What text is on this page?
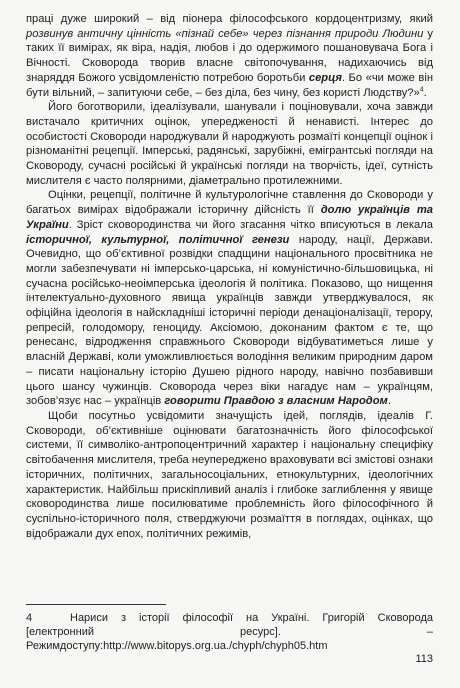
праці дуже широкий – від піонера філософського кордоцентризму, який розвинув античну цінність «пізнай себе» через пізнання природи Людини у таких її вимірах, як віра, надія, любов і до одержимого пошановувача Бога і Вічності. Сковорода творив власне світопочування, надихаючись від знаряддя Божого усвідомленістю потребою боротьби серця. Бо «чи може він бути вільний, – запитуючи себе, – без діла, без чину, без користі Людству?»$^4$.

Його боготворили, ідеалізували, шанували і поціновували, хоча завжди вистачало критичних оцінок, упередженості й ненависті. Інтерес до особистості Сковороди народжували й народжують розмаїті концепції оцінок і різноманітні рецепції. Імперські, радянські, зарубіжні, емігрантські погляди на Сковороду, сучасні російські й українські погляди на творчість, ідеї, сутність мислителя є часто полярними, діаметрально протилежними.

Оцінки, рецепції, політичне й культурологічне ставлення до Сковороди у багатьох вимірах відображали історичну дійсність її долю українців та України. Зріст сковородинства чи його згасання чітко вписуються в лекала історичної, культурної, політичної генези народу, нації, Держави. Очевидно, що об’єктивної розвідки спадщини національного просвітника не могли забезпечувати ні імперсько-царська, ні комуністично-більшовицька, ні сучасна російсько-неоімперська ідеологія й політика. Показово, що нищення інтелектуально-духовного явища українців завжди утверджувалося, як офіційна ідеологія в найскладніші історичні періоди денаціоналізації, терору, репресій, голодомору, геноциду. Аксіомою, доконаним фактом є те, що ренесанс, відродження справжнього Сковороди відбуватиметься лише у власній Державі, коли уможливлюється володіння великим природним даром – писати національну історію Душею рідного народу, навічно позбавивши цього шансу чужинців. Сковорода через віки нагадує нам – українцям, зобов’язує нас – українців говорити Правдою з власним Народом.

Щоби посутньо усвідомити значущість ідей, поглядів, ідеалів Г. Сковороди, об’єктивніше оцінювати багатозначність його філософської системи, її символіко-антропоцентричний характер і національну специфіку світобачення мислителя, треба неупереджено враховувати всі змістові ознаки історичних, політичних, загальносоціальних, етнокультурних, ідеологічних характеристик. Найбільш прискіпливий аналіз і глибоке заглиблення у явище сковородинства лише посилюватиме проблемність його філософічного й суспільно-історичного поля, стверджуючи розмаїття в поглядах, оцінках, що відображали дух епох, політичних режимів,

4	Нариси з історії філософії на Україні. Григорій Сковорода [електронний ресурс]. – Режимдоступу:http://www.bitopys.org.ua./chyph/chyph05.htm
113
